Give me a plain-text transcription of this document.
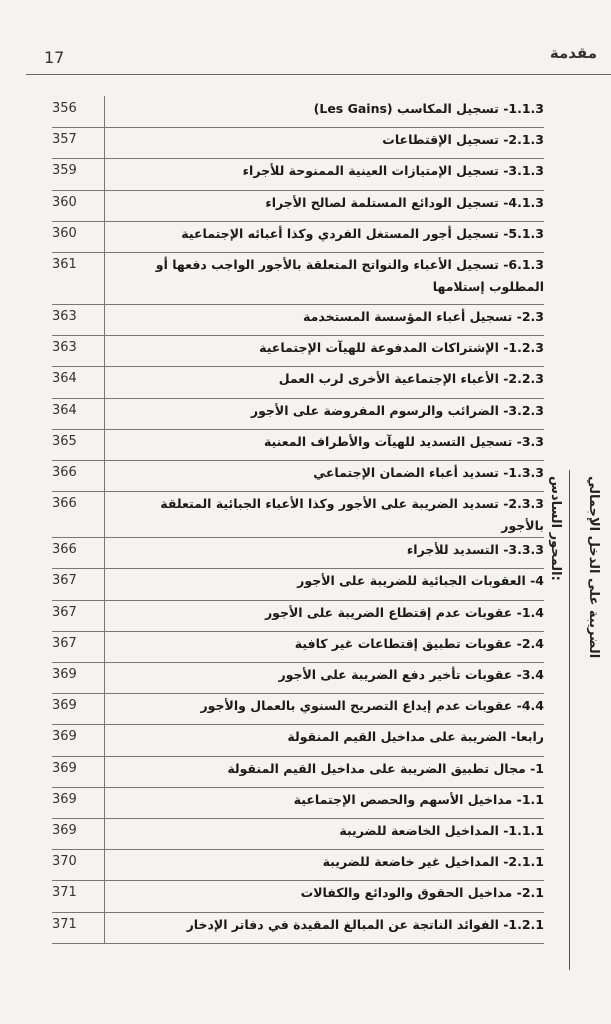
17	مقدمة
356	1.1.3- تسجيل المكاسب (Les Gains)
357	2.1.3- تسجيل الإقتطاعات
359	3.1.3- تسجيل الإمتيازات العينية الممنوحة للأجراء
360	4.1.3- تسجيل الودائع المستلمة لصالح الأجراء
360	5.1.3- تسجيل أجور المستغل الفردي وكذا أعبائه الإجتماعية
361	6.1.3- تسجيل الأعباء والنواتج المتعلقة بالأجور الواجب دفعها أو المطلوب إستلامها
363	2.3- تسجيل أعباء المؤسسة المستخدمة
363	1.2.3- الإشتراكات المدفوعة للهيآت الإجتماعية
364	2.2.3- الأعباء الإجتماعية الأخرى لرب العمل
364	3.2.3- الضرائب والرسوم المفروضة على الأجور
365	3.3- تسجيل التسديد للهيآت والأطراف المعنية
366	1.3.3- تسديد أعباء الضمان الإجتماعي
366	2.3.3- تسديد الضريبة على الأجور وكذا الأعباء الجبائية المتعلقة بالأجور
366	3.3.3- التسديد للأجراء
367	4- العقوبات الجبائية للضريبة على الأجور
367	1.4- عقوبات عدم إقتطاع الضريبة على الأجور
367	2.4- عقوبات تطبيق إقتطاعات غير كافية
369	3.4- عقوبات تأخير دفع الضريبة على الأجور
369	4.4- عقوبات عدم إيداع التصريح السنوي بالعمال والأجور
369	رابعا- الضريبة على مداخيل القيم المنقولة
369	1- مجال تطبيق الضريبة على مداخيل القيم المنقولة
369	1.1- مداخيل الأسهم والحصص الإجتماعية
369	1.1.1- المداخيل الخاضعة للضريبة
370	2.1.1- المداخيل غير خاضعة للضريبة
371	2.1- مداخيل الحقوق والودائع والكفالات
371	1.2.1- الفوائد الناتجة عن المبالغ المقيدة في دفاتر الإدخار
المحور السادس: الضريبة على الدخل الإجمالي
